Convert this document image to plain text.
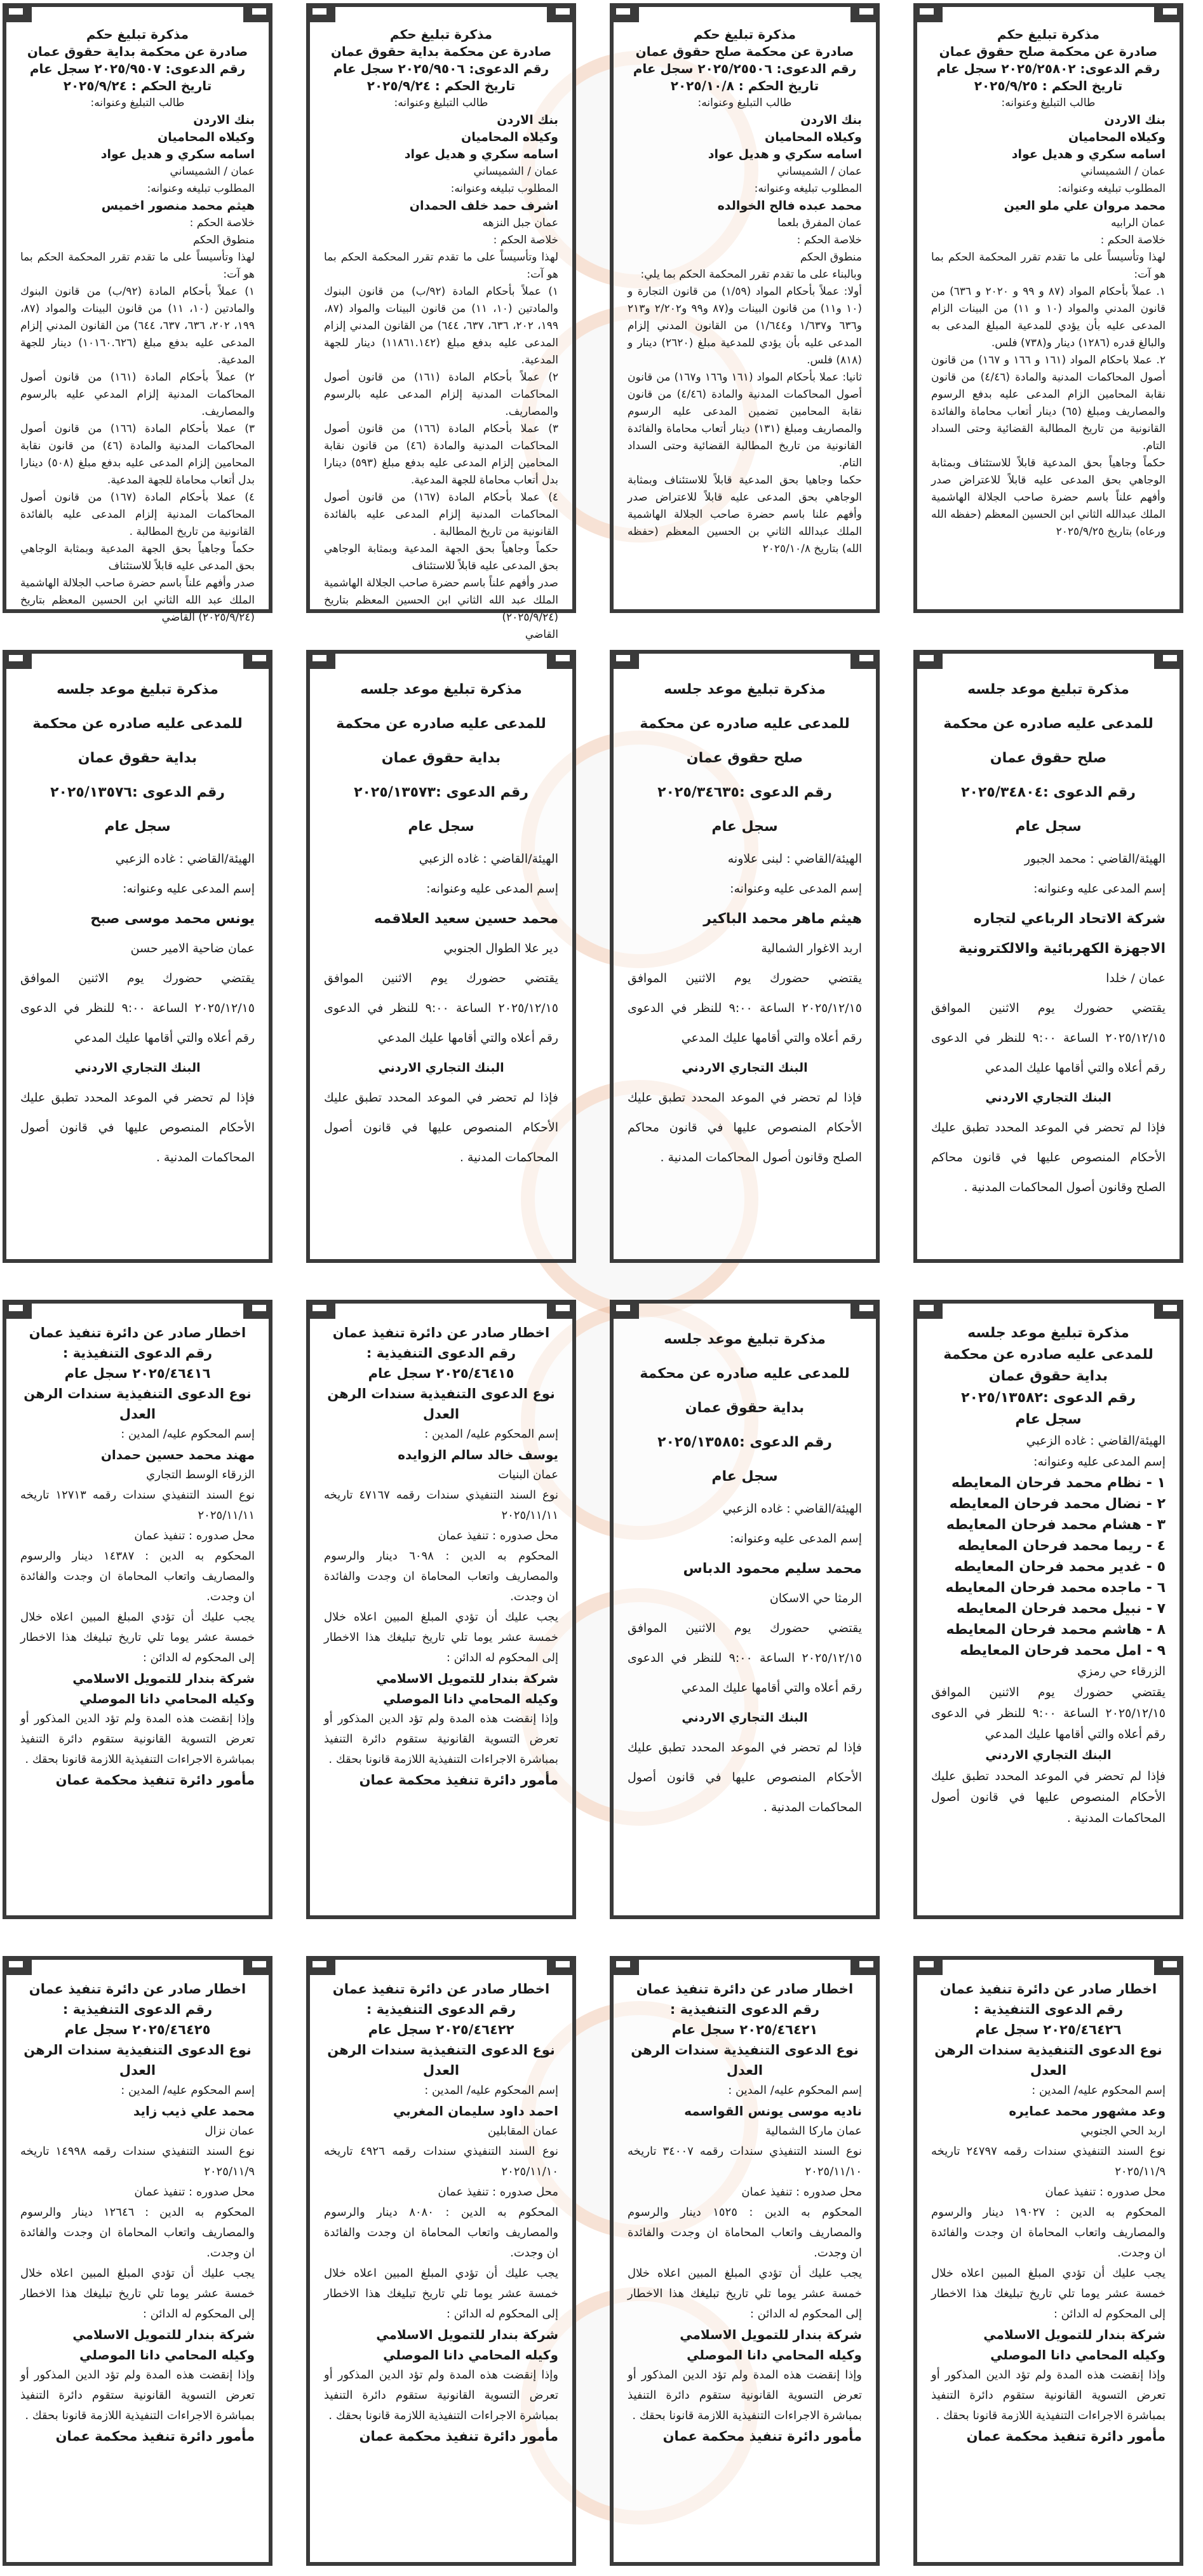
مذكرة تبليغ حكم

صادرة عن محكمة صلح حقوق عمان

رقم الدعوى: ٢٠٢٥/٢٥٨٠٢ سجل عام

تاريخ الحكم : ٢٠٢٥/٩/٢٥

طالب التبليغ وعنوانه:

بنك الاردن

وكيلاه المحاميان

اسامه سكري و هديل عواد

عمان / الشميساني

المطلوب تبليغه وعنوانه:

محمد مروان علي ملو العين

عمان الرابيه

خلاصة الحكم :

لهذا وتأسيساً على ما تقدم تقرر المحكمة الحكم بما هو آت:

١. عملاً بأحكام المواد (٨٧ و ٩٩ و ٢٠٢٠ و ٦٣٦) من قانون المدني والمواد (١٠ و ١١) من البينات الزام المدعى عليه بأن يؤدي للمدعية المبلغ المدعى به والبالغ قدره (١٢٨٦) دينار و(٧٣٨) فلس.

٢. عملا باحكام المواد (١٦١ و ١٦٦ و ١٦٧) من قانون أصول المحاكمات المدنية والمادة (٤/٤٦) من قانون نقابة المحامين الزام المدعى عليه بدفع الرسوم والمصاريف ومبلغ (٦٥) دينار أتعاب محاماة والفائدة القانونية من تاريخ المطالبة القضائية وحتى السداد التام.

حكماً وجاهياً بحق المدعية قابلاً للاستئناف وبمثابة الوجاهي بحق المدعى عليه قابلاً للاعتراض صدر وأفهم علناً باسم حضرة صاحب الجلالة الهاشمية الملك عبدالله الثاني ابن الحسين المعظم (حفظه الله ورعاه) بتاريخ ٢٠٢٥/٩/٢٥

مذكرة تبليغ حكم

صادرة عن محكمة صلح حقوق عمان

رقم الدعوى: ٢٠٢٥/٢٥٥٠٦ سجل عام

تاريخ الحكم : ٢٠٢٥/١٠/٨

طالب التبليغ وعنوانه:

بنك الاردن

وكيلاه المحاميان

اسامه سكري و هديل عواد

عمان / الشميساني

المطلوب تبليغه وعنوانه:

محمد عبده فالح الخوالده

عمان المفرق بلعما

خلاصة الحكم :

منطوق الحكم

وبالبناء على ما تقدم تقرر المحكمة الحكم بما يلي:

أولا: عملاً بأحكام المواد (١/٥٩) من قانون التجارة و (١٠ و١١) من قانون البينات و(٨٧ و٩٩ و٢/٢٠٢ و٢١٣ و٦٣٦ و١/٦٣٧ و١/٦٤٤) من القانون المدني إلزام المدعى عليه بأن يؤدي للمدعية مبلغ (٢٦٢٠) دينار و (٨١٨) فلس.

ثانيا: عملا بأحكام المواد (١٦١ و١٦٦ و١٦٧) من قانون أصول المحاكمات المدنية والمادة (٤/٤٦) من قانون نقابة المحامين تضمين المدعى عليه الرسوم والمصاريف ومبلغ (١٣١) دينار أتعاب محاماة والفائدة القانونية من تاريخ المطالبة القضائية وحتى السداد التام.

حكما وجاهيا بحق المدعية قابلاً للاستئناف وبمثابة الوجاهي بحق المدعى عليه قابلاً للاعتراض صدر وأفهم علنا باسم حضرة صاحب الجلالة الهاشمية الملك عبدالله الثاني بن الحسين المعظم (حفظه الله) بتاريخ ٢٠٢٥/١٠/٨

مذكرة تبليغ حكم

صادرة عن محكمة بداية حقوق عمان

رقم الدعوى: ٢٠٢٥/٩٥٠٦ سجل عام

تاريخ الحكم : ٢٠٢٥/٩/٢٤

طالب التبليغ وعنوانه:

بنك الاردن

وكيلاه المحاميان

اسامه سكري و هديل عواد

عمان / الشميساني

المطلوب تبليغه وعنوانه:

اشرف حمد خلف الحمدان

عمان جبل النزهه

خلاصة الحكم :

لهذا وتأسيساً على ما تقدم تقرر المحكمة الحكم بما هو آت:

١) عملاً بأحكام المادة (٩٢/ب) من قانون البنوك والمادتين (١٠، ١١) من قانون البينات والمواد (٨٧، ١٩٩، ٢٠٢، ٦٣٦، ٦٣٧، ٦٤٤) من القانون المدني إلزام المدعى عليه بدفع مبلغ (١١٨٦١.١٤٢) دينار للجهة المدعية.

٢) عملاً بأحكام المادة (١٦١) من قانون أصول المحاكمات المدنية إلزام المدعى عليه بالرسوم والمصاريف.

٣) عملا بأحكام المادة (١٦٦) من قانون أصول المحاكمات المدنية والمادة (٤٦) من قانون نقابة المحامين إلزام المدعى عليه بدفع مبلغ (٥٩٣) دينارا بدل أتعاب محاماة للجهة المدعية.

٤) عملا بأحكام المادة (١٦٧) من قانون أصول المحاكمات المدنية إلزام المدعى عليه بالفائدة القانونية من تاريخ المطالبة .

حكماً وجاهياً بحق الجهة المدعية وبمثابة الوجاهي بحق المدعى عليه قابلاً للاستئناف

صدر وأفهم علناً باسم حضرة صاحب الجلالة الهاشمية الملك عبد الله الثاني ابن الحسين المعظم بتاريخ (٢٠٢٥/٩/٢٤)

القاضي

مذكرة تبليغ حكم

صادرة عن محكمة بداية حقوق عمان

رقم الدعوى: ٢٠٢٥/٩٥٠٧ سجل عام

تاريخ الحكم : ٢٠٢٥/٩/٢٤

طالب التبليغ وعنوانه:

بنك الاردن

وكيلاه المحاميان

اسامه سكري و هديل عواد

عمان / الشميساني

المطلوب تبليغه وعنوانه:

هيثم محمد منصور اخميس

خلاصة الحكم :

منطوق الحكم

لهذا وتأسيساً على ما تقدم تقرر المحكمة الحكم بما هو آت:

١) عملاً بأحكام المادة (٩٢/ب) من قانون البنوك والمادتين (١٠، ١١) من قانون البينات والمواد (٨٧، ١٩٩، ٢٠٢، ٦٣٦، ٦٣٧، ٦٤٤) من القانون المدني إلزام المدعى عليه بدفع مبلغ (١٠١٦٠.٦٢٦) دينار للجهة المدعية.

٢) عملاً بأحكام المادة (١٦١) من قانون أصول المحاكمات المدنية إلزام المدعي عليه بالرسوم والمصاريف.

٣) عملا بأحكام المادة (١٦٦) من قانون أصول المحاكمات المدنية والمادة (٤٦) من قانون نقابة المحامين إلزام المدعى عليه بدفع مبلغ (٥٠٨) دينارا بدل أتعاب محاماة للجهة المدعية.

٤) عملا بأحكام المادة (١٦٧) من قانون أصول المحاكمات المدنية إلزام المدعى عليه بالفائدة القانونية من تاريخ المطالبة .

حكماً وجاهياً بحق الجهة المدعية وبمثابة الوجاهي بحق المدعى عليه قابلاً للاستئناف

صدر وأفهم علناً باسم حضرة صاحب الجلالة الهاشمية الملك عبد الله الثاني ابن الحسين المعظم بتاريخ (٢٠٢٥/٩/٢٤) القاضي

مذكرة تبليغ موعد جلسه

للمدعى عليه صادره عن محكمة

صلح حقوق عمان

رقم الدعوى :٢٠٢٥/٣٤٨٠٤

سجل عام

الهيئة/القاضي : محمد الجبور

إسم المدعى عليه وعنوانه:

شركة الاتحاد الرباعي لتجاره الاجهزة الكهربائية والالكترونية

عمان / خلدا

يقتضي حضورك يوم الاثنين الموافق ٢٠٢٥/١٢/١٥ الساعة ٩:٠٠ للنظر في الدعوى رقم أعلاه والتي أقامها عليك المدعي

البنك التجاري الاردني

فإذا لم تحضر في الموعد المحدد تطبق عليك الأحكام المنصوص عليها في قانون محاكم الصلح وقانون أصول المحاكمات المدنية .

مذكرة تبليغ موعد جلسه

للمدعى عليه صادره عن محكمة

صلح حقوق عمان

رقم الدعوى :٢٠٢٥/٣٤٦٣٥

سجل عام

الهيئة/القاضي : لبنى علاونه

إسم المدعى عليه وعنوانه:

هيثم ماهر محمد الباكير

اربد الاغوار الشمالية

يقتضي حضورك يوم الاثنين الموافق ٢٠٢٥/١٢/١٥ الساعة ٩:٠٠ للنظر في الدعوى رقم أعلاه والتي أقامها عليك المدعي

البنك التجاري الاردني

فإذا لم تحضر في الموعد المحدد تطبق عليك الأحكام المنصوص عليها في قانون محاكم الصلح وقانون أصول المحاكمات المدنية .

مذكرة تبليغ موعد جلسه

للمدعى عليه صادره عن محكمة

بداية حقوق عمان

رقم الدعوى :٢٠٢٥/١٣٥٧٣

سجل عام

الهيئة/القاضي : غاده الزعبي

إسم المدعى عليه وعنوانه:

محمد حسين سعيد العلاقمه

دير علا الطوال الجنوبي

يقتضي حضورك يوم الاثنين الموافق ٢٠٢٥/١٢/١٥ الساعة ٩:٠٠ للنظر في الدعوى رقم أعلاه والتي أقامها عليك المدعي

البنك التجاري الاردني

فإذا لم تحضر في الموعد المحدد تطبق عليك الأحكام المنصوص عليها في قانون أصول المحاكمات المدنية .

مذكرة تبليغ موعد جلسه

للمدعى عليه صادره عن محكمة

بداية حقوق عمان

رقم الدعوى :٢٠٢٥/١٣٥٧٦

سجل عام

الهيئة/القاضي : غاده الزعبي

إسم المدعى عليه وعنوانه:

يونس محمد موسى صبح

عمان ضاحية الامير حسن

يقتضي حضورك يوم الاثنين الموافق ٢٠٢٥/١٢/١٥ الساعة ٩:٠٠ للنظر في الدعوى رقم أعلاه والتي أقامها عليك المدعي

البنك التجاري الاردني

فإذا لم تحضر في الموعد المحدد تطبق عليك الأحكام المنصوص عليها في قانون أصول المحاكمات المدنية .

مذكرة تبليغ موعد جلسه

للمدعى عليه صادره عن محكمة

بداية حقوق عمان

رقم الدعوى :٢٠٢٥/١٣٥٨٢

سجل عام

الهيئة/القاضي : غاده الزعبي

إسم المدعى عليه وعنوانه:

١ - نظام محمد فرحان المعايطه

٢ - نضال محمد فرحان المعايطه

٣ - هشام محمد فرحان المعايطه

٤ - ريما محمد فرحان المعايطه

٥ - غدير محمد فرحان المعايطه

٦ - ماجده محمد فرحان المعايطه

٧ - نبيل محمد فرحان المعايطه

٨ - هاشم محمد فرحان المعايطه

٩ - امل محمد فرحان المعايطه

الزرقاء حي رمزي

يقتضي حضورك يوم الاثنين الموافق ٢٠٢٥/١٢/١٥ الساعة ٩:٠٠ للنظر في الدعوى رقم أعلاه والتي أقامها عليك المدعي

البنك التجاري الاردني

فإذا لم تحضر في الموعد المحدد تطبق عليك الأحكام المنصوص عليها في قانون أصول المحاكمات المدنية .

مذكرة تبليغ موعد جلسه

للمدعى عليه صادره عن محكمة

بداية حقوق عمان

رقم الدعوى :٢٠٢٥/١٣٥٨٥

سجل عام

الهيئة/القاضي : غاده الزعبي

إسم المدعى عليه وعنوانه:

محمد سليم محمود الدباس

الرمثا حي الاسكان

يقتضي حضورك يوم الاثنين الموافق ٢٠٢٥/١٢/١٥ الساعة ٩:٠٠ للنظر في الدعوى رقم أعلاه والتي أقامها عليك المدعي

البنك التجاري الاردني

فإذا لم تحضر في الموعد المحدد تطبق عليك الأحكام المنصوص عليها في قانون أصول المحاكمات المدنية .

اخطار صادر عن دائرة تنفيذ عمان

رقم الدعوى التنفيذية :

٢٠٢٥/٤٦٤١٥ سجل عام

نوع الدعوى التنفيذية سندات الرهن العدل

إسم المحكوم عليه/ المدين :

يوسف خالد سالم الزوايده

عمان البنيات

نوع السند التنفيذي سندات رقمه ٤٧١٦٧ تاريخه ٢٠٢٥/١١/١١

محل صدوره : تنفيذ عمان

المحكوم به الدين : ٦٠٩٨ دينار والرسوم والمصاريف واتعاب المحاماة ان وجدت والفائدة ان وجدت.

يجب عليك أن تؤدي المبلغ المبين اعلاه خلال خمسة عشر يوما تلي تاريخ تبليغك هذا الاخطار إلى المحكوم له الدائن :

شركة بندار للتمويل الاسلامي

وكيله المحامي دانا الموصلي

وإذا إنقضت هذه المدة ولم تؤد الدين المذكور أو تعرض التسوية القانونية ستقوم دائرة التنفيذ بمباشرة الاجراءات التنفيذية اللازمة قانونا بحقك .

مأمور دائرة تنفيذ محكمة عمان

اخطار صادر عن دائرة تنفيذ عمان

رقم الدعوى التنفيذية :

٢٠٢٥/٤٦٤١٦ سجل عام

نوع الدعوى التنفيذية سندات الرهن العدل

إسم المحكوم عليه/ المدين :

مهند محمد حسين حمدان

الزرقاء الوسط التجاري

نوع السند التنفيذي سندات رقمه ١٢٧١٣ تاريخه ٢٠٢٥/١١/١١

محل صدوره : تنفيذ عمان

المحكوم به الدين : ١٤٣٨٧ دينار والرسوم والمصاريف واتعاب المحاماة ان وجدت والفائدة ان وجدت.

يجب عليك أن تؤدي المبلغ المبين اعلاه خلال خمسة عشر يوما تلي تاريخ تبليغك هذا الاخطار إلى المحكوم له الدائن :

شركة بندار للتمويل الاسلامي

وكيله المحامي دانا الموصلي

وإذا إنقضت هذه المدة ولم تؤد الدين المذكور أو تعرض التسوية القانونية ستقوم دائرة التنفيذ بمباشرة الاجراءات التنفيذية اللازمة قانونا بحقك .

مأمور دائرة تنفيذ محكمة عمان

اخطار صادر عن دائرة تنفيذ عمان

رقم الدعوى التنفيذية :

٢٠٢٥/٤٦٤٢٦ سجل عام

نوع الدعوى التنفيذية سندات الرهن العدل

إسم المحكوم عليه/ المدين :

وعد مشهور محمد عمايره

اربد الحي الجنوبي

نوع السند التنفيذي سندات رقمه ٢٤٧٩٧ تاريخه ٢٠٢٥/١١/٩

محل صدوره : تنفيذ عمان

المحكوم به الدين : ١٩٠٢٧ دينار والرسوم والمصاريف واتعاب المحاماة ان وجدت والفائدة ان وجدت.

يجب عليك أن تؤدي المبلغ المبين اعلاه خلال خمسة عشر يوما تلي تاريخ تبليغك هذا الاخطار إلى المحكوم له الدائن :

شركة بندار للتمويل الاسلامي

وكيله المحامي دانا الموصلي

وإذا إنقضت هذه المدة ولم تؤد الدين المذكور أو تعرض التسوية القانونية ستقوم دائرة التنفيذ بمباشرة الاجراءات التنفيذية اللازمة قانونا بحقك .

مأمور دائرة تنفيذ محكمة عمان

اخطار صادر عن دائرة تنفيذ عمان

رقم الدعوى التنفيذية :

٢٠٢٥/٤٦٤٢١ سجل عام

نوع الدعوى التنفيذية سندات الرهن العدل

إسم المحكوم عليه/ المدين :

ناديه موسى يونس القواسمه

عمان ماركا الشمالية

نوع السند التنفيذي سندات رقمه ٣٤٠٠٧ تاريخه ٢٠٢٥/١١/١٠

محل صدوره : تنفيذ عمان

المحكوم به الدين : ١٥٢٥ دينار والرسوم والمصاريف واتعاب المحاماة ان وجدت والفائدة ان وجدت.

يجب عليك أن تؤدي المبلغ المبين اعلاه خلال خمسة عشر يوما تلي تاريخ تبليغك هذا الاخطار إلى المحكوم له الدائن :

شركة بندار للتمويل الاسلامي

وكيله المحامي دانا الموصلي

وإذا إنقضت هذه المدة ولم تؤد الدين المذكور أو تعرض التسوية القانونية ستقوم دائرة التنفيذ بمباشرة الاجراءات التنفيذية اللازمة قانونا بحقك .

مأمور دائرة تنفيذ محكمة عمان

اخطار صادر عن دائرة تنفيذ عمان

رقم الدعوى التنفيذية :

٢٠٢٥/٤٦٤٢٢ سجل عام

نوع الدعوى التنفيذية سندات الرهن العدل

إسم المحكوم عليه/ المدين :

احمد داود سليمان المغربي

عمان المقابلين

نوع السند التنفيذي سندات رقمه ٤٩٢٦ تاريخه ٢٠٢٥/١١/١٠

محل صدوره : تنفيذ عمان

المحكوم به الدين : ٨٠٨٠ دينار والرسوم والمصاريف واتعاب المحاماة ان وجدت والفائدة ان وجدت.

يجب عليك أن تؤدي المبلغ المبين اعلاه خلال خمسة عشر يوما تلي تاريخ تبليغك هذا الاخطار إلى المحكوم له الدائن :

شركة بندار للتمويل الاسلامي

وكيله المحامي دانا الموصلي

وإذا إنقضت هذه المدة ولم تؤد الدين المذكور أو تعرض التسوية القانونية ستقوم دائرة التنفيذ بمباشرة الاجراءات التنفيذية اللازمة قانونا بحقك .

مأمور دائرة تنفيذ محكمة عمان

اخطار صادر عن دائرة تنفيذ عمان

رقم الدعوى التنفيذية :

٢٠٢٥/٤٦٤٢٥ سجل عام

نوع الدعوى التنفيذية سندات الرهن العدل

إسم المحكوم عليه/ المدين :

محمد علي ذيب زايد

عمان نزال

نوع السند التنفيذي سندات رقمه ١٤٩٩٨ تاريخه ٢٠٢٥/١١/٩

محل صدوره : تنفيذ عمان

المحكوم به الدين : ١٢٦٤٦ دينار والرسوم والمصاريف واتعاب المحاماة ان وجدت والفائدة ان وجدت.

يجب عليك أن تؤدي المبلغ المبين اعلاه خلال خمسة عشر يوما تلي تاريخ تبليغك هذا الاخطار إلى المحكوم له الدائن :

شركة بندار للتمويل الاسلامي

وكيله المحامي دانا الموصلي

وإذا إنقضت هذه المدة ولم تؤد الدين المذكور أو تعرض التسوية القانونية ستقوم دائرة التنفيذ بمباشرة الاجراءات التنفيذية اللازمة قانونا بحقك .

مأمور دائرة تنفيذ محكمة عمان
